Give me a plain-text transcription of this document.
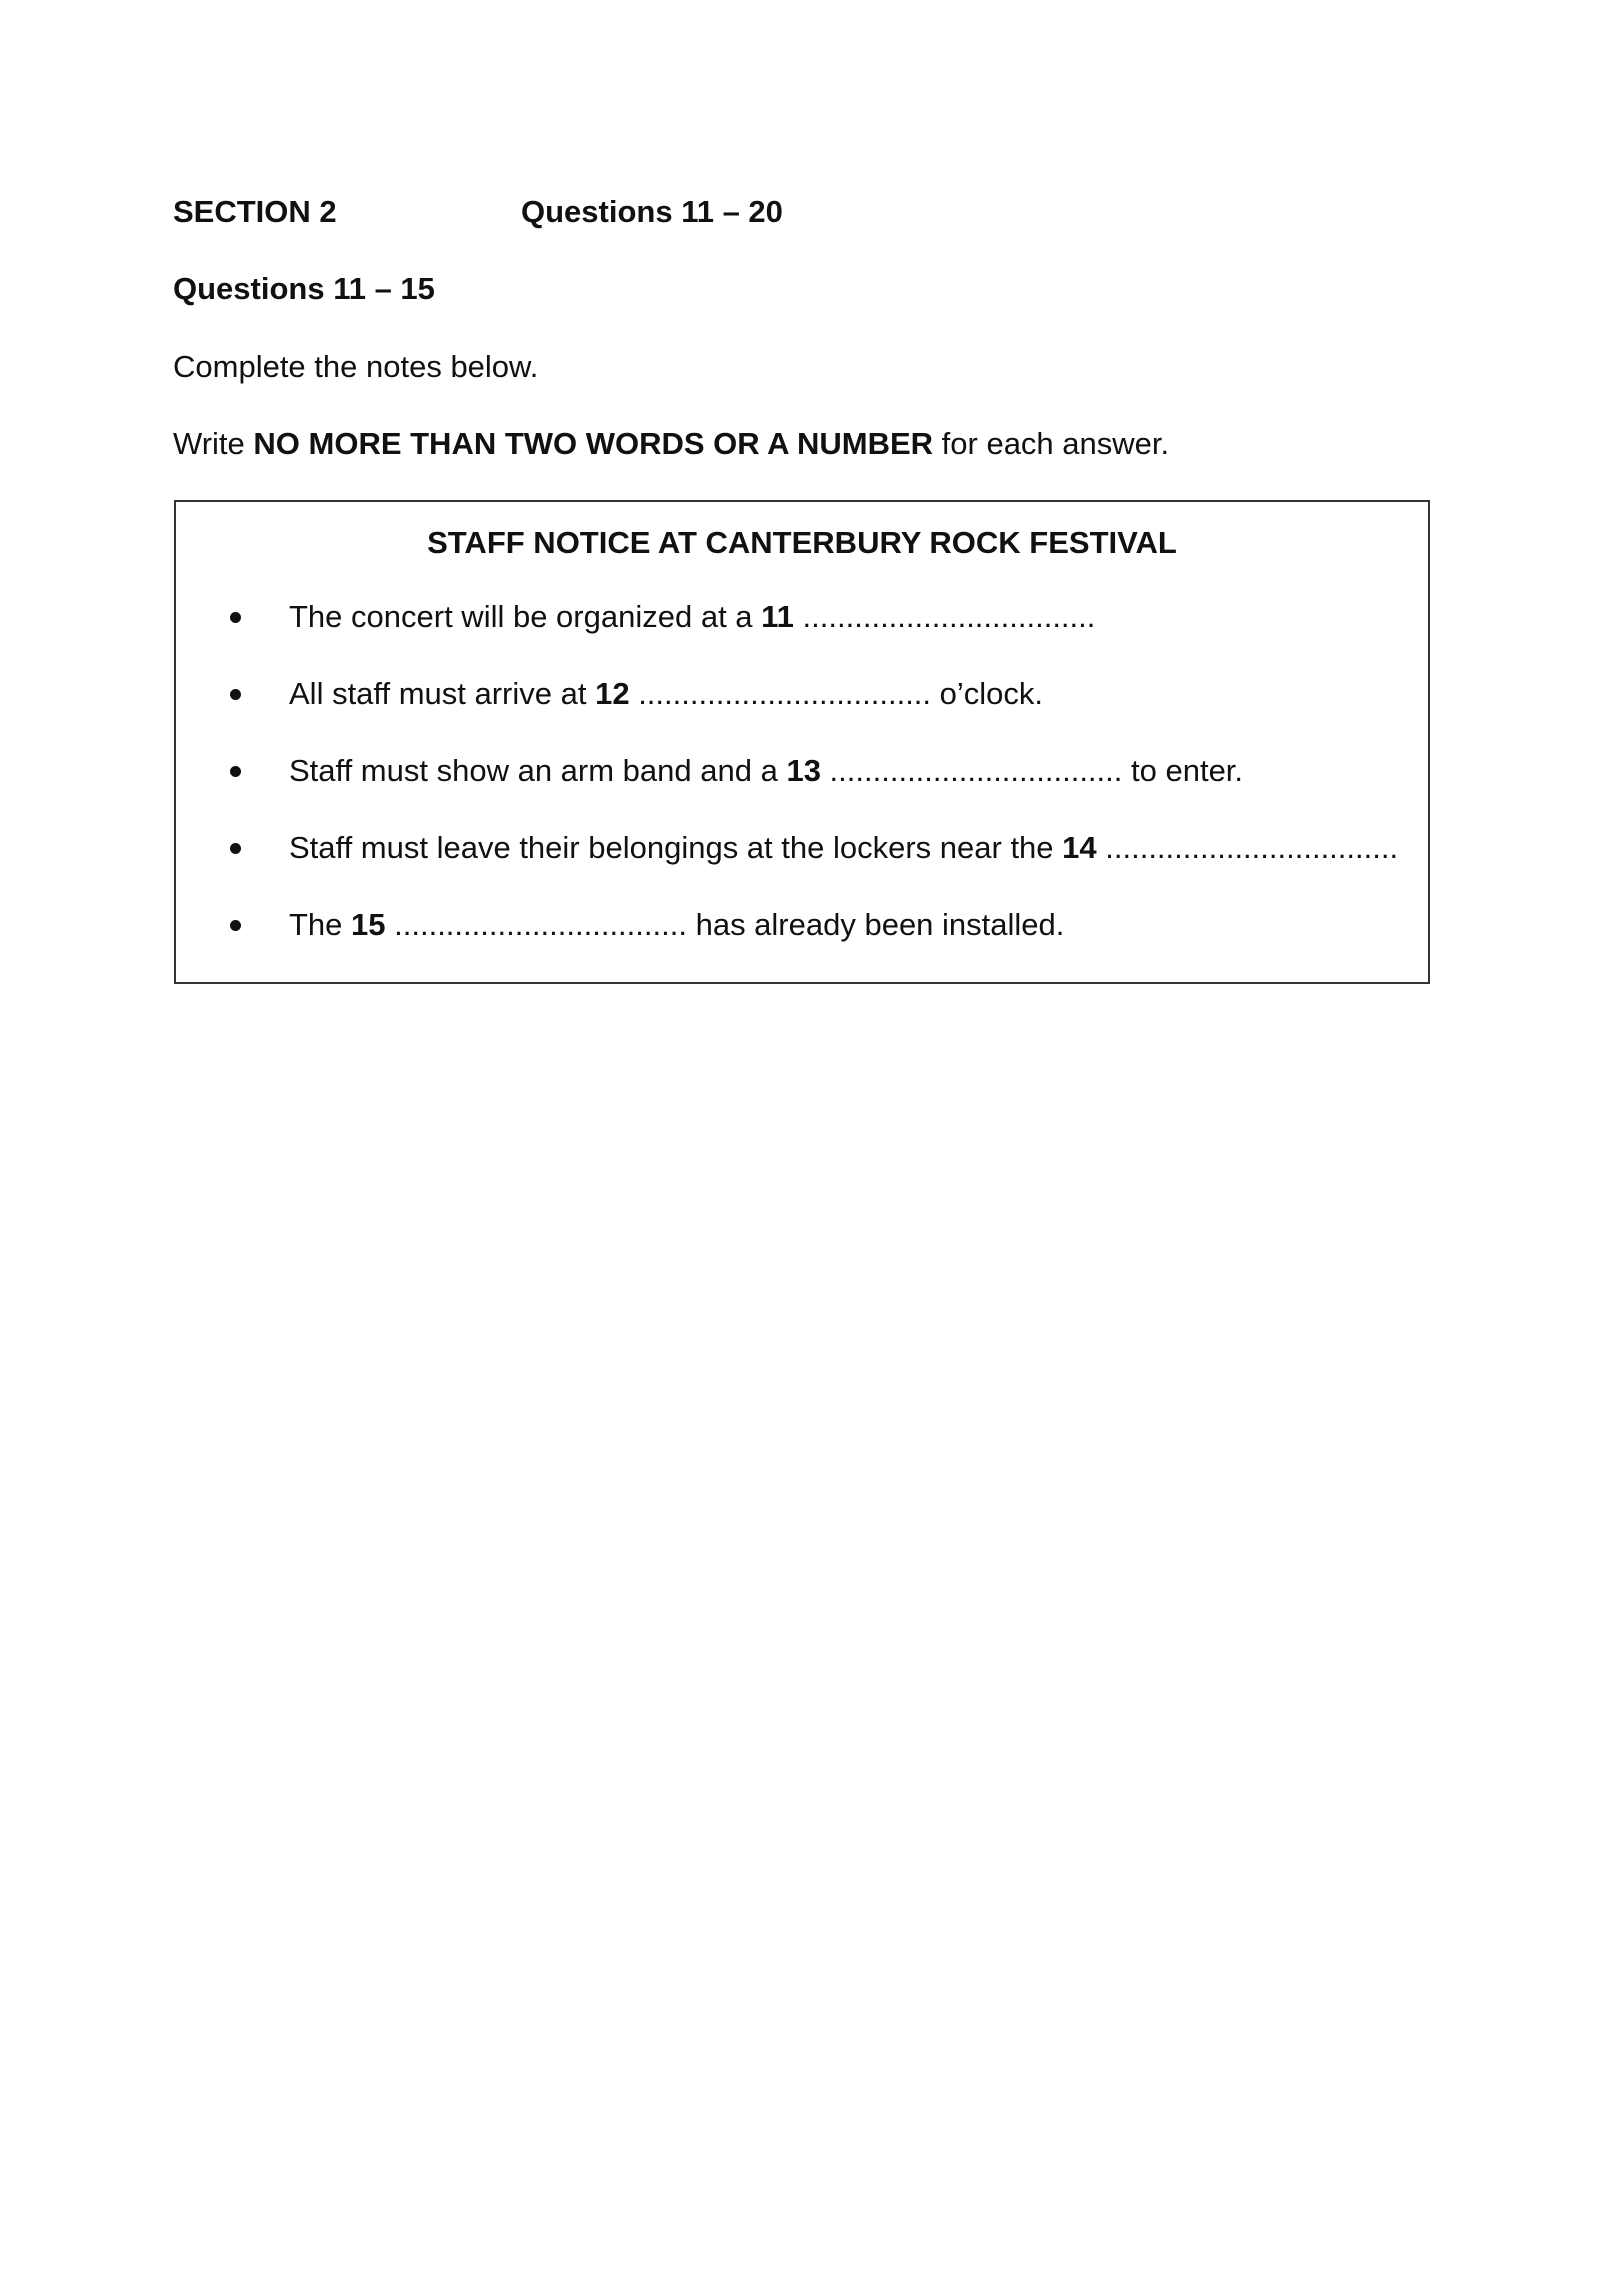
SECTION 2	Questions 11 – 20
Questions 11 – 15
Complete the notes below.
Write NO MORE THAN TWO WORDS OR A NUMBER for each answer.
STAFF NOTICE AT CANTERBURY ROCK FESTIVAL
The concert will be organized at a 11 ..................................
All staff must arrive at 12 .................................. o’clock.
Staff must show an arm band and a 13 .................................. to enter.
Staff must leave their belongings at the lockers near the 14 ..................................
The 15 .................................. has already been installed.
